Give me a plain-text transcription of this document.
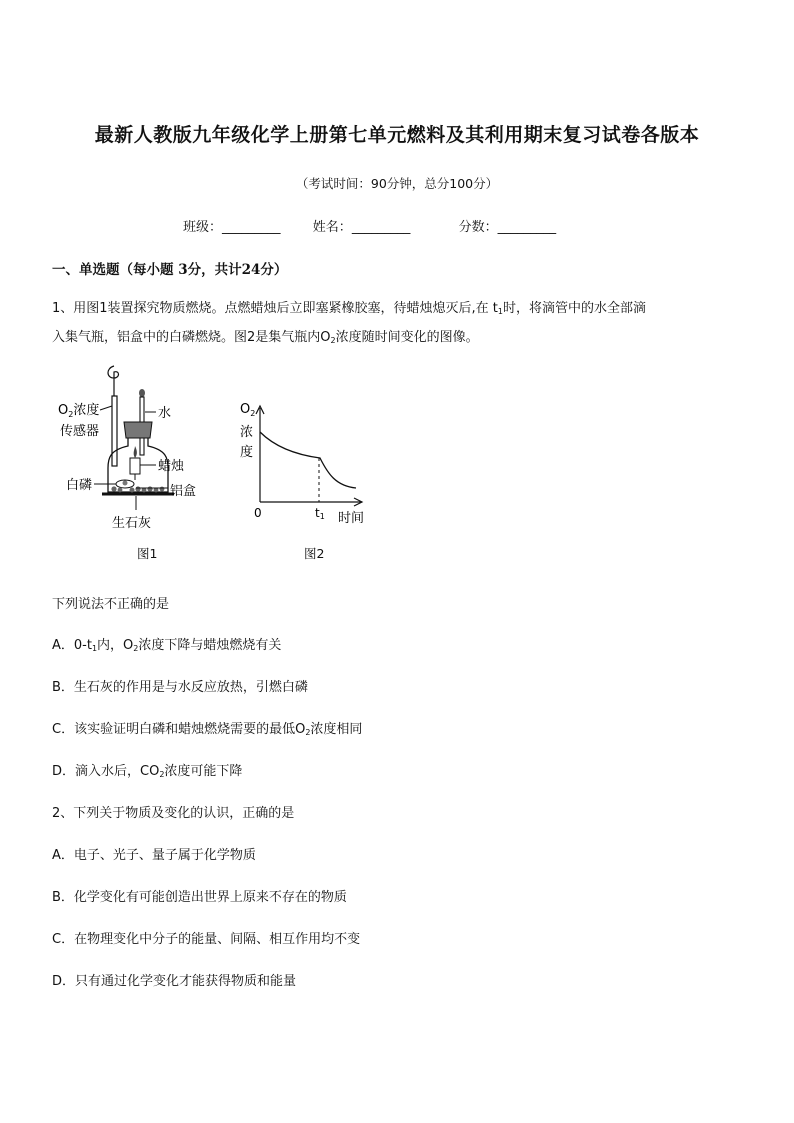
最新人教版九年级化学上册第七单元燃料及其利用期末复习试卷各版本
（考试时间：90分钟，总分100分）
班级：_________ 姓名：_________	分数：_________
一、单选题（每小题 3分，共计24分）
1、用图1装置探究物质燃烧。点燃蜡烛后立即塞紧橡胶塞，待蜡烛熄灭后,在 $t_1$时，将滴管中的水全部滴
入集气瓶，铝盒中的白磷燃烧。图2是集气瓶内$O_2$浓度随时间变化的图像。
$O_2$浓度
传感器
水
蜡烛
白磷	铝盒
生石灰
图1
$O_2$
浓
度
0	t1 时间
图2
下列说法不正确的是
A．$0-t_1$内，$O_2$浓度下降与蜡烛燃烧有关
B．生石灰的作用是与水反应放热，引燃白磷
C．该实验证明白磷和蜡烛燃烧需要的最低$O_2$浓度相同
D．滴入水后，$CO_2$浓度可能下降
2、下列关于物质及变化的认识，正确的是
A．电子、光子、量子属于化学物质
B．化学变化有可能创造出世界上原来不存在的物质
C．在物理变化中分子的能量、间隔、相互作用均不变
D．只有通过化学变化才能获得物质和能量
